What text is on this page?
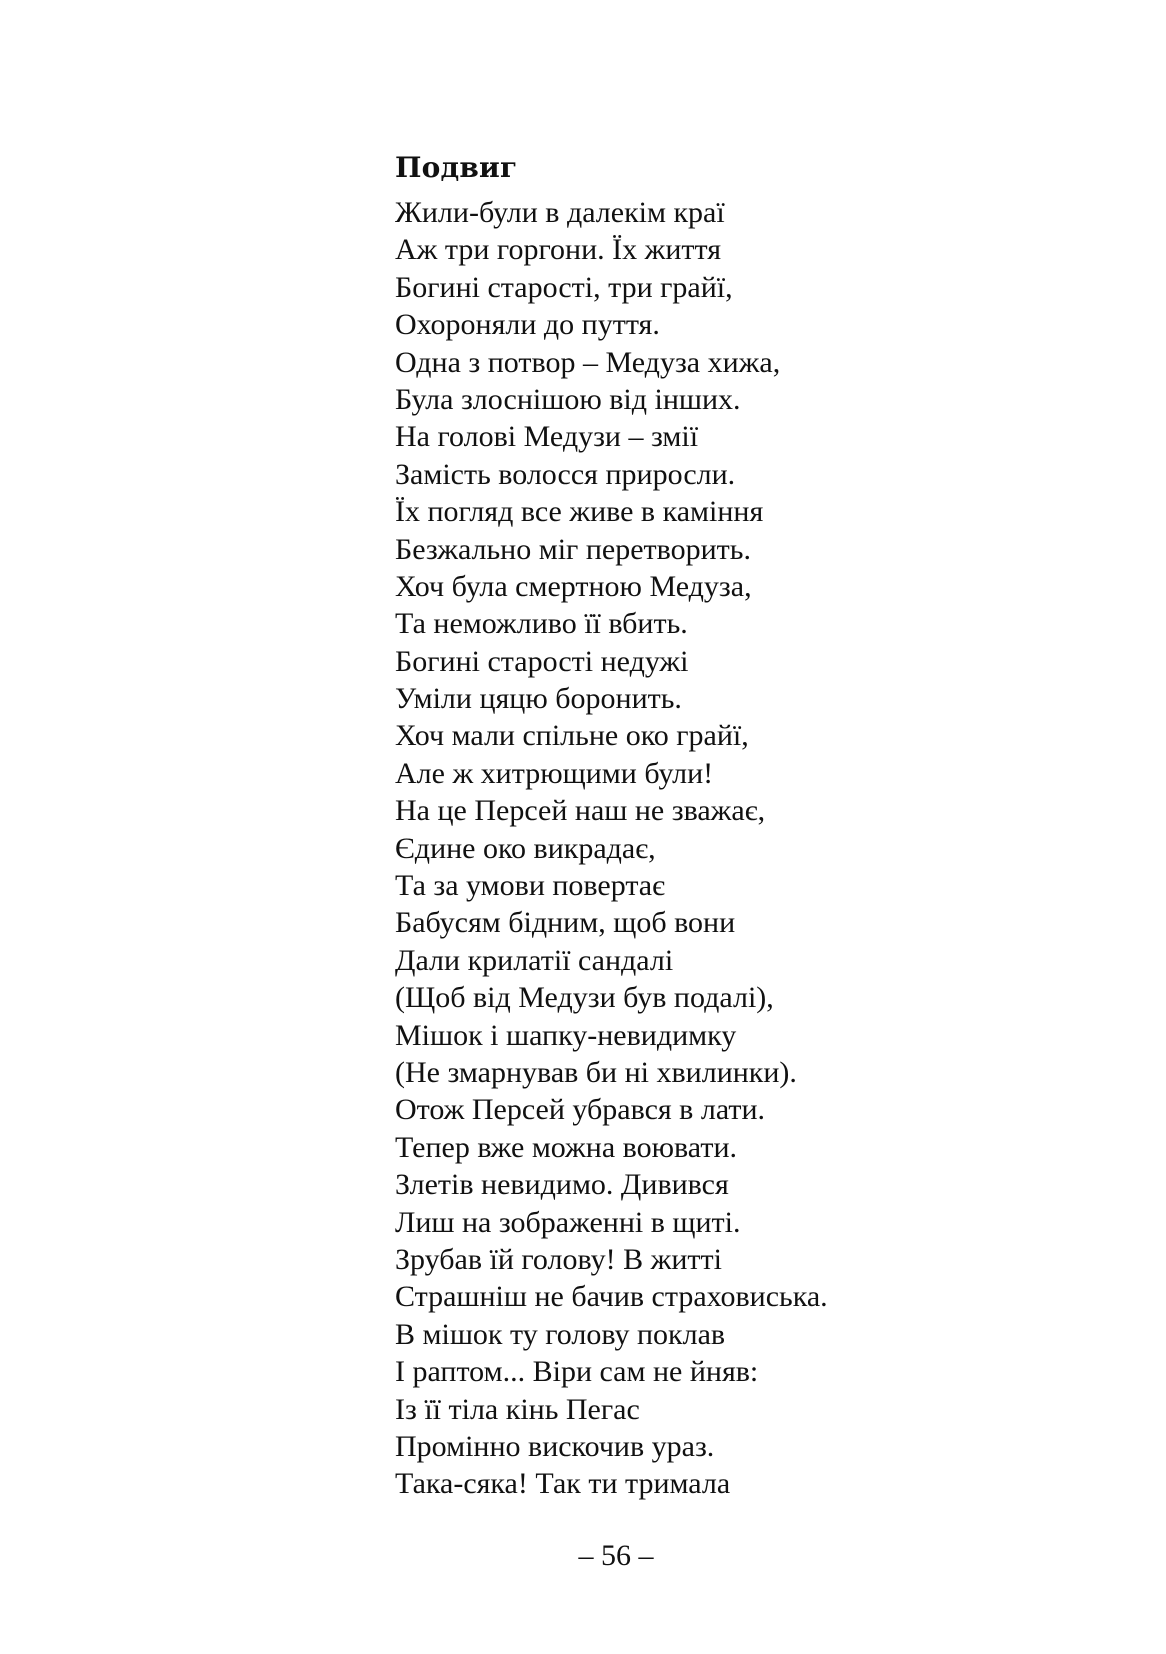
Подвиг
Жили-були в далекім краї
Аж три горгони. Їх життя
Богині старості, три грайї,
Охороняли до пуття.
Одна з потвор – Медуза хижа,
Була злоснішою від інших.
На голові Медузи – змії
Замість волосся приросли.
Їх погляд все живе в каміння
Безжально міг перетворить.
Хоч була смертною Медуза,
Та неможливо її вбить.
Богині старості недужі
Уміли цяцю боронить.
Хоч мали спільне око грайї,
Але ж хитрющими були!
На це Персей наш не зважає,
Єдине око викрадає,
Та за умови повертає
Бабусям бідним, щоб вони
Дали крилатії сандалі
(Щоб від Медузи був подалі),
Мішок і шапку-невидимку
(Не змарнував би ні хвилинки).
Отож Персей убрався в лати.
Тепер вже можна воювати.
Злетів невидимо. Дивився
Лиш на зображенні в щиті.
Зрубав їй голову! В житті
Страшніш не бачив страховиська.
В мішок ту голову поклав
І раптом... Віри сам не йняв:
Із її тіла кінь Пегас
Промінно вискочив ураз.
Така-сяка! Так ти тримала
– 56 –
